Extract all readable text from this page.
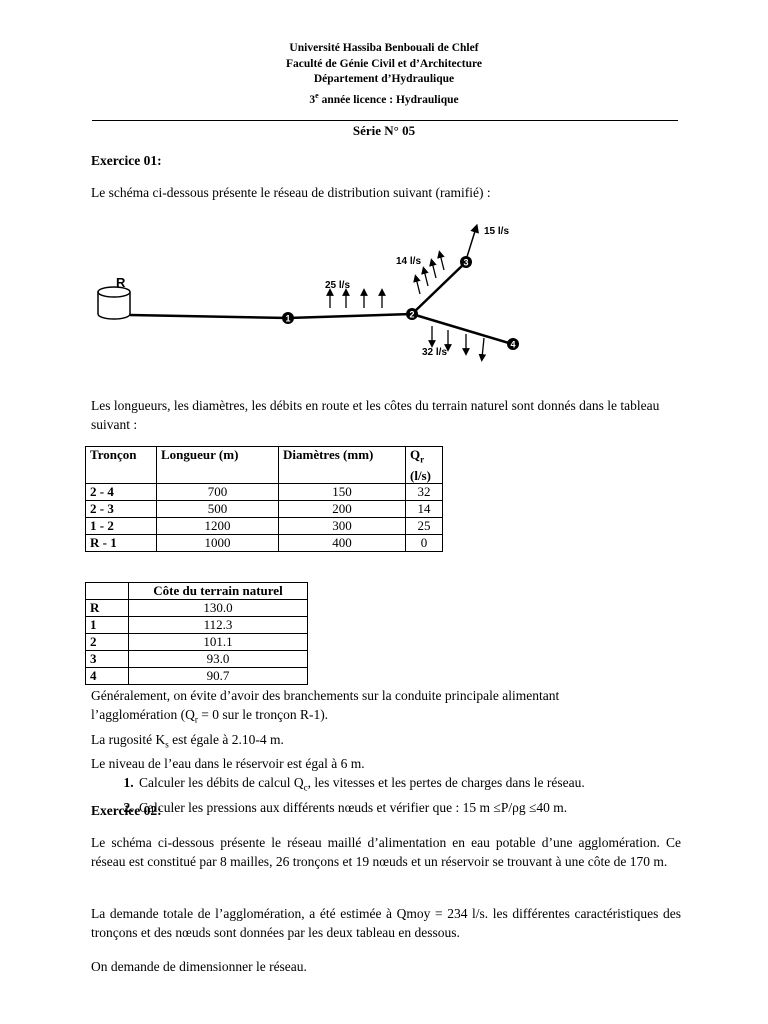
Université Hassiba Benbouali de Chlef
Faculté de Génie Civil et d’Architecture
Département d’Hydraulique
3e année licence : Hydraulique
Série N° 05
Exercice 01:
Le schéma ci-dessous présente le réseau de distribution suivant (ramifié) :
R	25 l/s
14 l/s
15 l/s
32 l/s
1	2
3
4
Les longueurs, les diamètres, les débits en route et les côtes du terrain naturel sont donnés dans le tableau suivant :
Tronçon	Longueur (m)	Diamètres (mm)	$Q_r$
(l/s)
2 - 4	700	150	32
2 - 3	500	200	14
1 - 2	1200	300	25
R - 1	1000	400	0
	Côte du terrain naturel
R	130.0
1	112.3
2	101.1
3	93.0
4	90.7
Généralement, on évite d’avoir des branchements sur la conduite principale alimentant
l’agglomération ($Q_r = 0$ sur le tronçon R-1).
La rugosité $K_s$ est égale à 2.10-4 m.
Le niveau de l’eau dans le réservoir est égal à 6 m.
1. Calculer les débits de calcul $Q_c$, les vitesses et les pertes de charges dans le réseau.
2. Calculer les pressions aux différents nœuds et vérifier que : 15 m ≤P/ρg ≤40 m.
Exercice 02:
Le schéma ci-dessous présente le réseau maillé d’alimentation en eau potable d’une agglomération. Ce réseau est constitué par 8 mailles, 26 tronçons et 19 nœuds et un réservoir se trouvant à une côte de 170 m.
La demande totale de l’agglomération, a été estimée à Qmoy = 234 l/s. les différentes caractéristiques des tronçons et des nœuds sont données par les deux tableau en dessous.
On demande de dimensionner le réseau.
